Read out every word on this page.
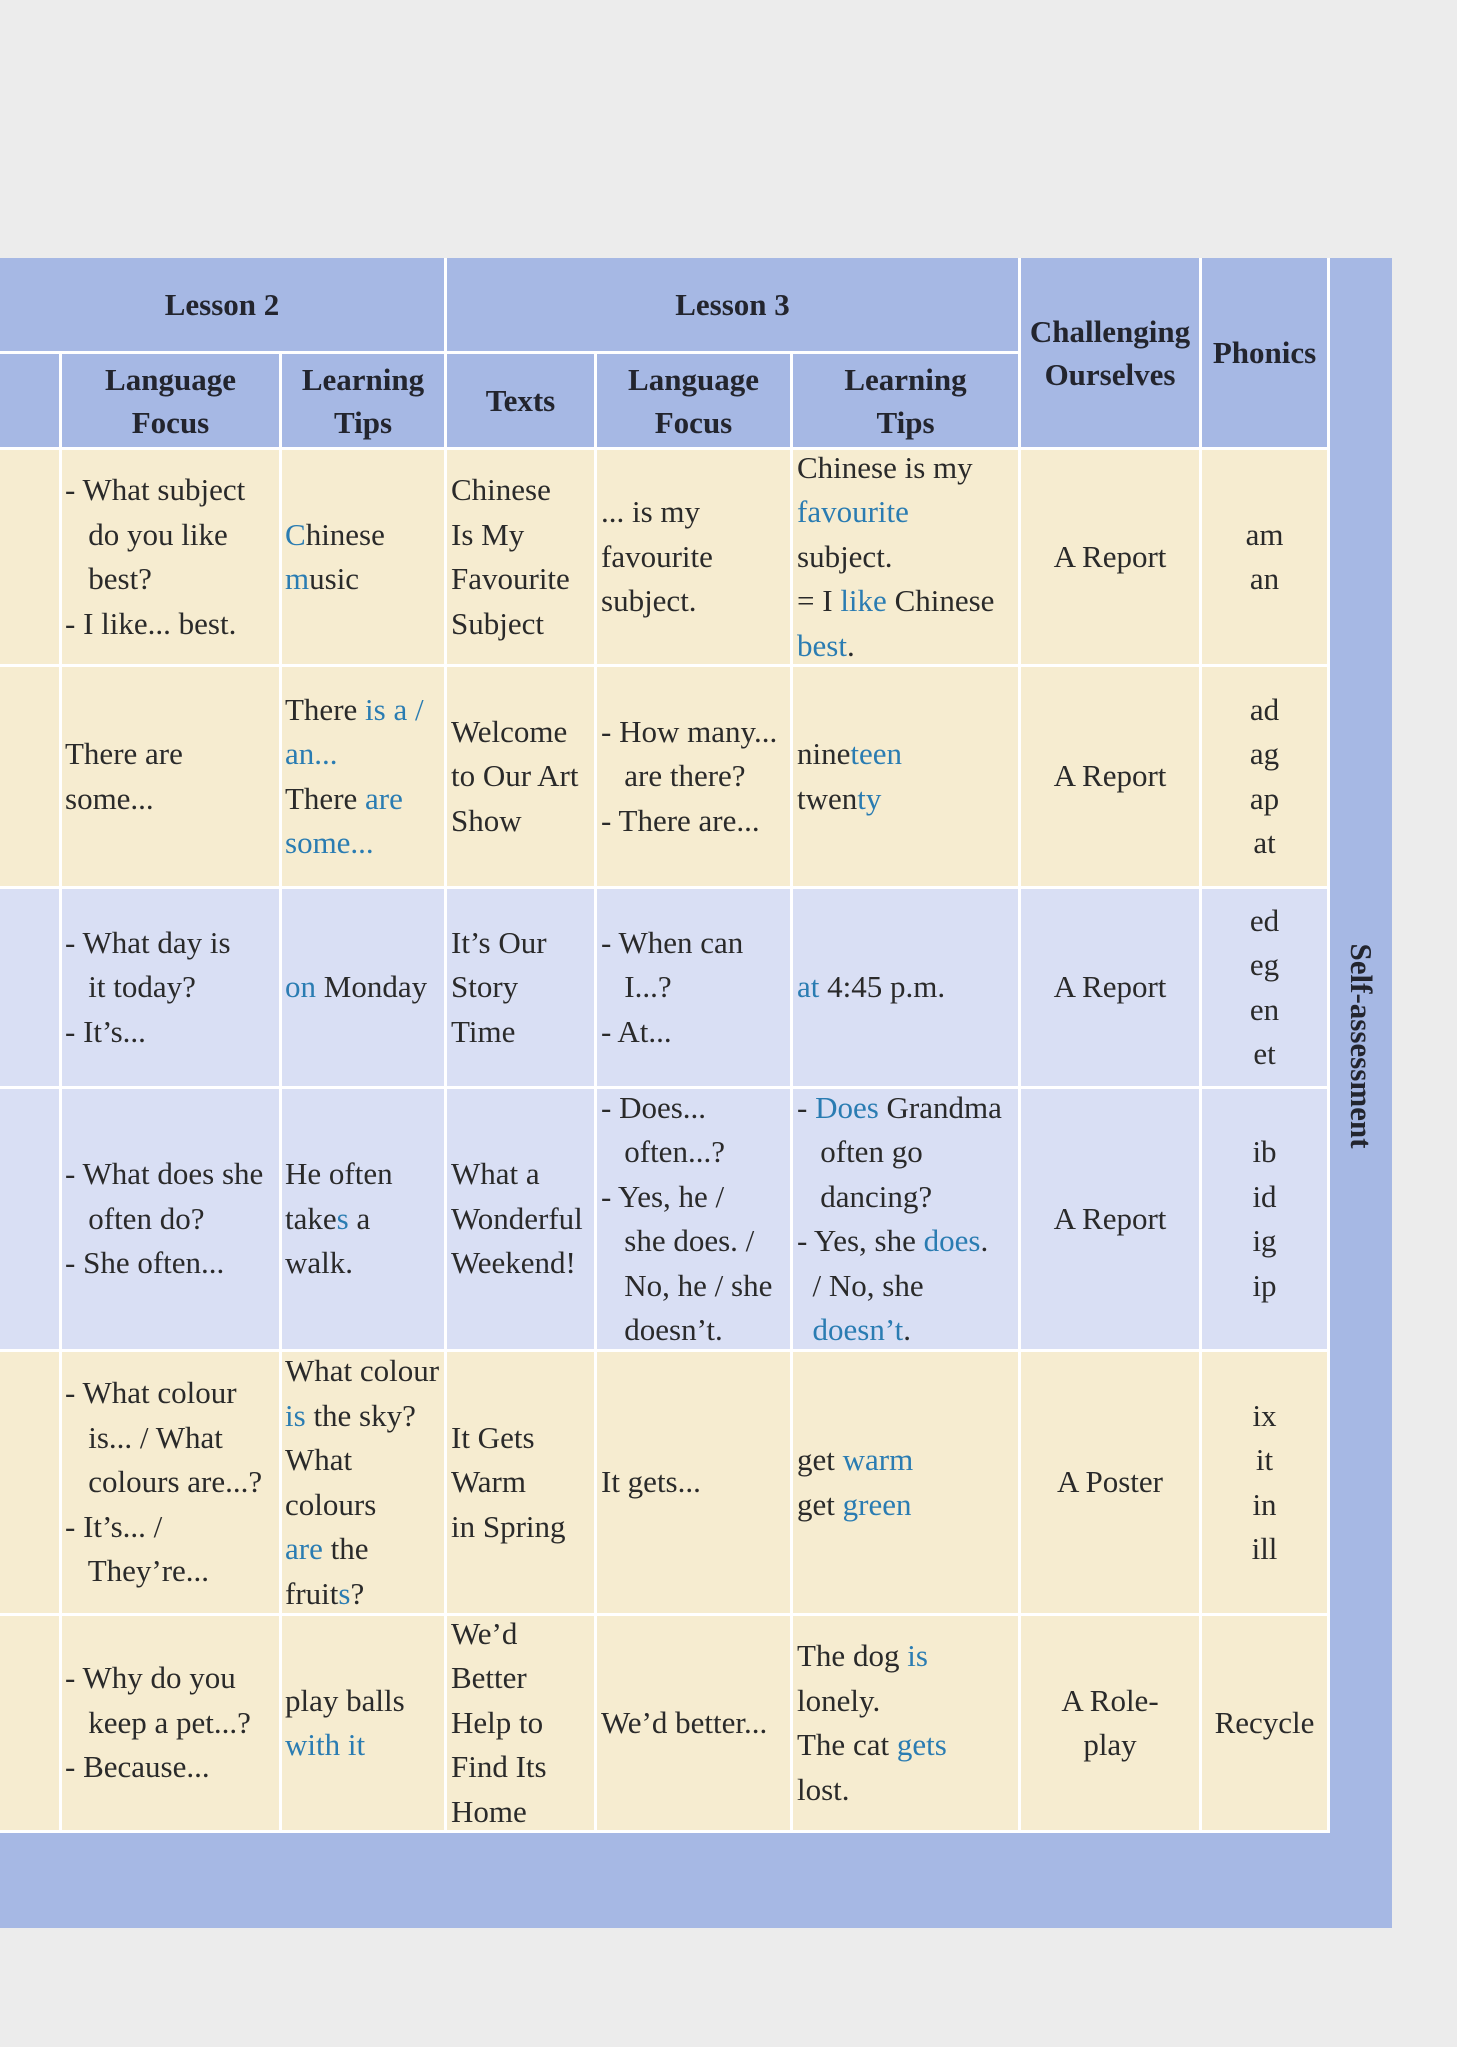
Lesson 2	Lesson 3
Challenging
Ourselves
Phonics
Language
Focus
Learning
Tips
Texts
Language
Focus
Learning
Tips
- What subject
do you like
best?
- I like... best.
Chinese
music
Chinese
Is My
Favourite
Subject
... is my
favourite
subject.
Chinese is my
favourite
subject.
= I like Chinese
best.
A Report
am
an
There are
some...
There is a /
an...
There are
some...
Welcome
to Our Art
Show
- How many...
are there?
- There are...
nineteen
twenty
A Report
ad
ag
ap
at
- What day is
it today?
- It’s...
on Monday
It’s Our
Story
Time
- When can
I...?
- At...
at 4:45 p.m.	A Report
ed
eg
en
et
- What does she
often do?
- She often...
He often
takes a
walk.
What a
Wonderful
Weekend!
- Does...
often...?
- Yes, he /
she does. /
No, he / she
doesn’t.
- Does Grandma
often go
dancing?
- Yes, she does.
/ No, she
doesn’t.
A Report
ib
id
ig
ip
- What colour
is... / What
colours are...?
- It’s... /
They’re...
What colour
is the sky?
What
colours
are the
fruits?
It Gets
Warm
in Spring
It gets...
get warm
get green
A Poster
ix
it
in
ill
- Why do you
keep a pet...?
- Because...
play balls
with it
We’d
Better
Help to
Find Its
Home
We’d better...
The dog is
lonely.
The cat gets
lost.
A Role-
play
Recycle
Self-assessment
